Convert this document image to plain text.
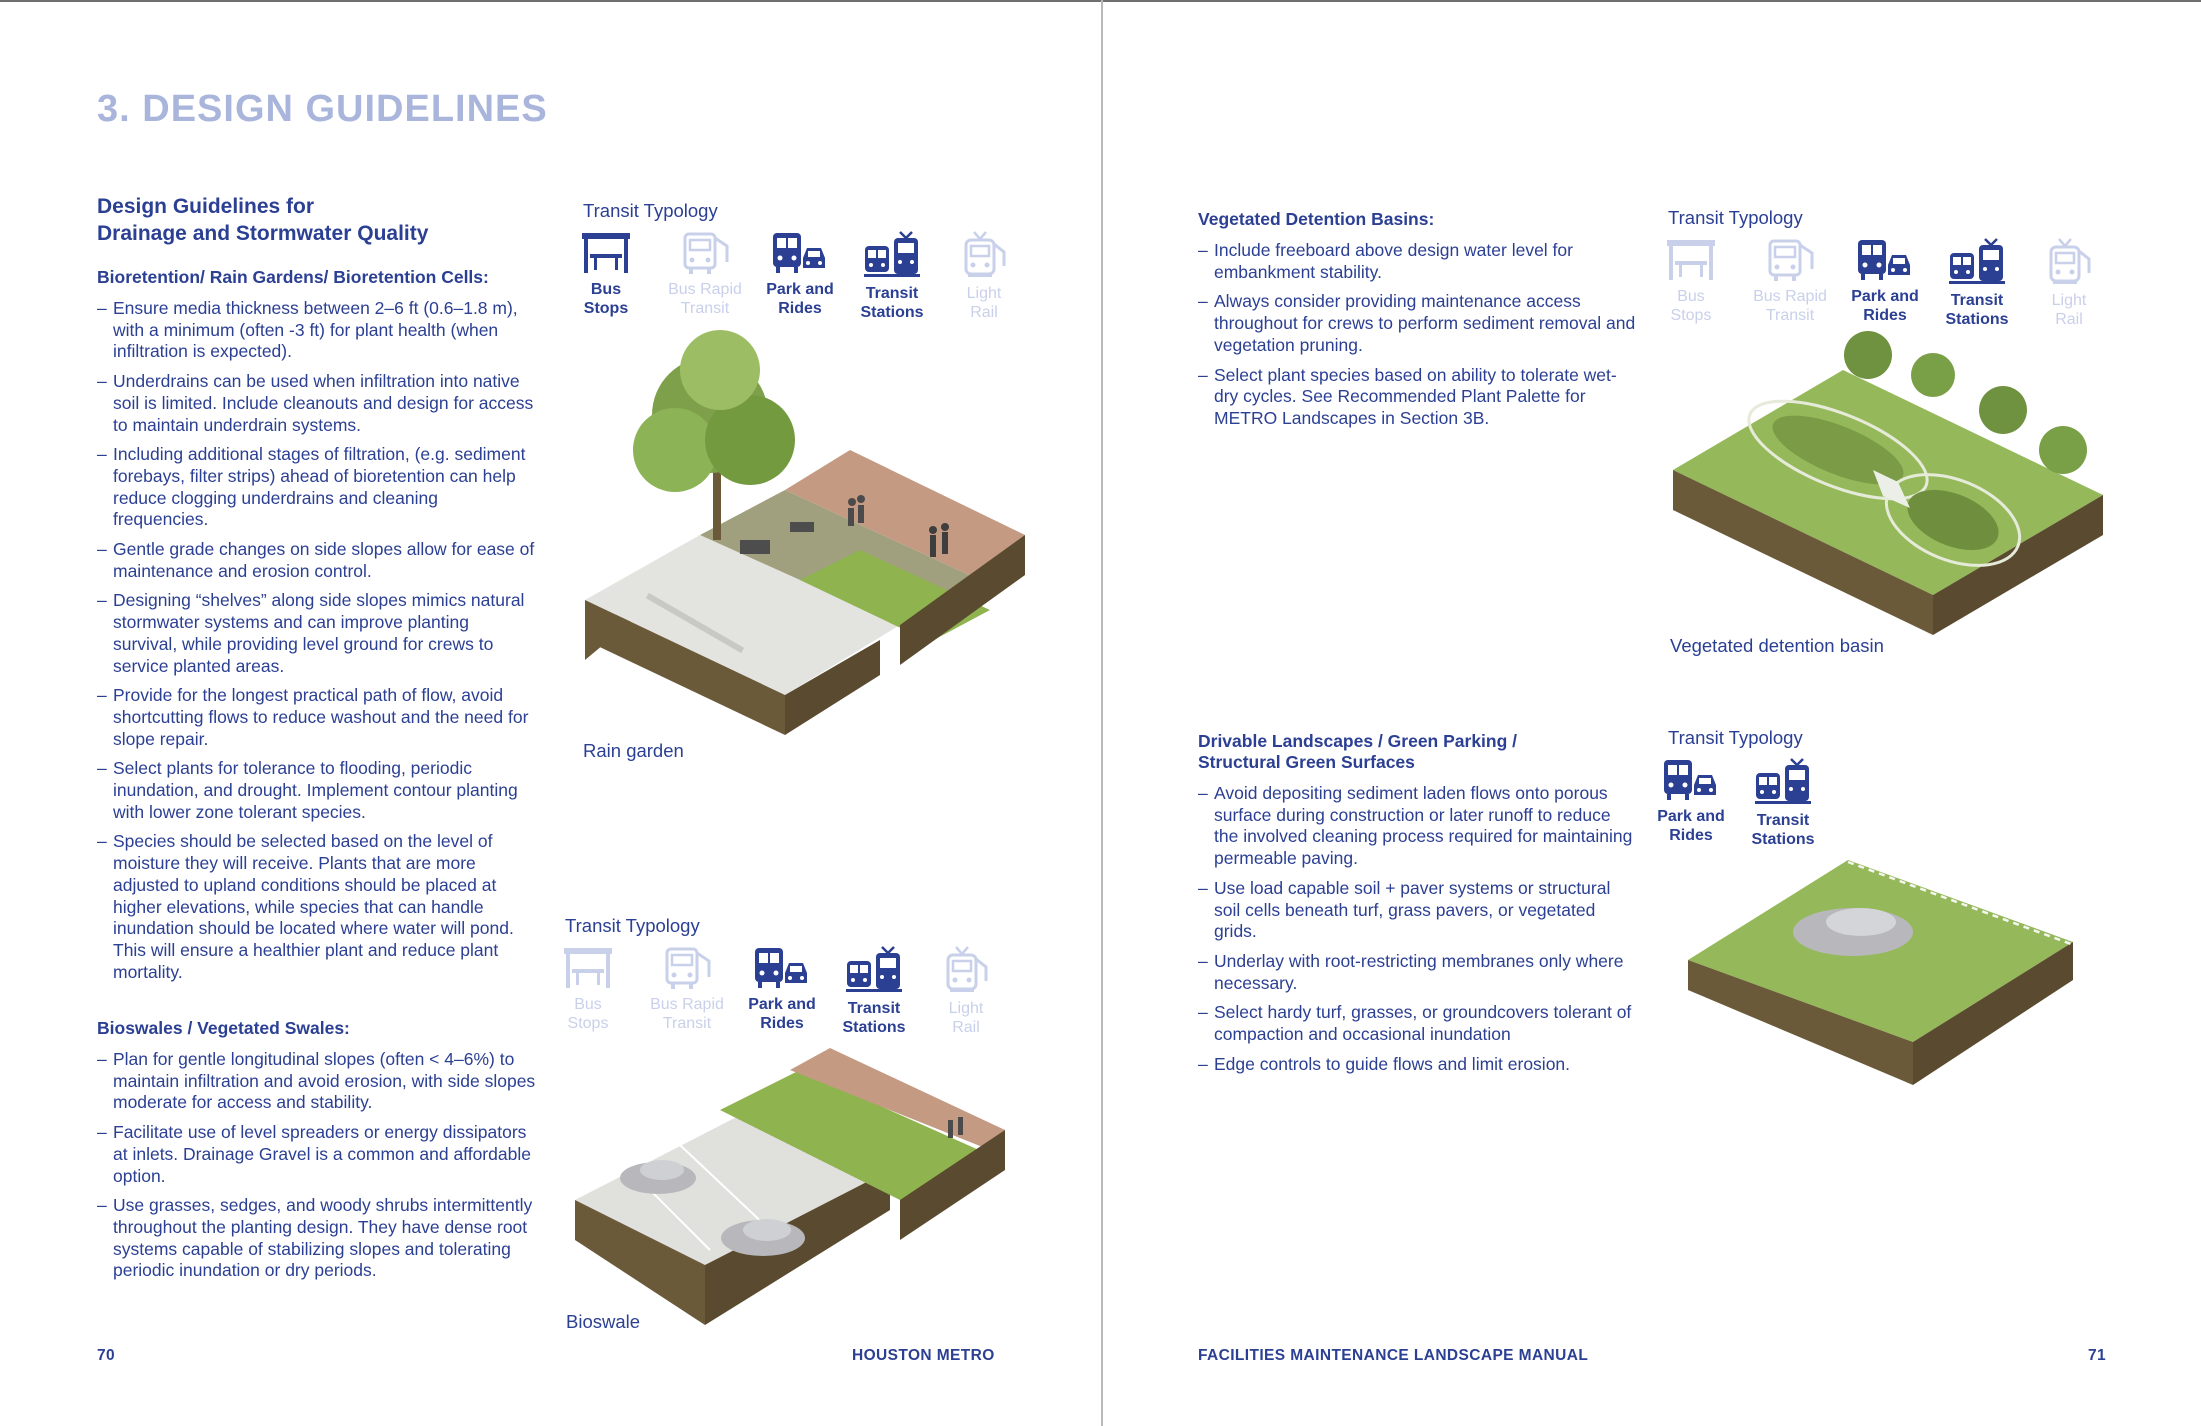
3. DESIGN GUIDELINES
Design Guidelines for
Drainage and Stormwater Quality
Bioretention/ Rain Gardens/ Bioretention Cells:
– Ensure media thickness between 2–6 ft (0.6–1.8 m), with a minimum (often -3 ft) for plant health (when infiltration is expected).
– Underdrains can be used when infiltration into native soil is limited. Include cleanouts and design for access to maintain underdrain systems.
– Including additional stages of filtration, (e.g. sediment forebays, filter strips) ahead of bioretention can help reduce clogging underdrains and cleaning frequencies.
– Gentle grade changes on side slopes allow for ease of maintenance and erosion control.
– Designing “shelves” along side slopes mimics natural stormwater systems and can improve planting survival, while providing level ground for crews to service planted areas.
– Provide for the longest practical path of flow, avoid shortcutting flows to reduce washout and the need for slope repair.
– Select plants for tolerance to flooding, periodic inundation, and drought. Implement contour planting with lower zone tolerant species.
– Species should be selected based on the level of moisture they will receive. Plants that are more adjusted to upland conditions should be placed at higher elevations, while species that can handle inundation should be located where water will pond. This will ensure a healthier plant and reduce plant mortality.
Bioswales / Vegetated Swales:
– Plan for gentle longitudinal slopes (often < 4–6%) to maintain infiltration and avoid erosion, with side slopes moderate for access and stability.
– Facilitate use of level spreaders or energy dissipators at inlets. Drainage Gravel is a common and affordable option.
– Use grasses, sedges, and woody shrubs intermittently throughout the planting design. They have dense root systems capable of stabilizing slopes and tolerating periodic inundation or dry periods.
Transit Typology
Bus
Stops
Bus Rapid
Transit
Park and
Rides
Transit
Stations
Light
Rail
Rain garden
Transit Typology
Bus
Stops
Bus Rapid
Transit
Park and
Rides
Transit
Stations
Light
Rail
Bioswale
70	HOUSTON METRO
Vegetated Detention Basins:
– Include freeboard above design water level for embankment stability.
– Always consider providing maintenance access throughout for crews to perform sediment removal and vegetation pruning.
– Select plant species based on ability to tolerate wet-dry cycles. See Recommended Plant Palette for METRO Landscapes in Section 3B.
Transit Typology
Bus
Stops
Bus Rapid
Transit
Park and
Rides
Transit
Stations
Light
Rail
Vegetated detention basin
Drivable Landscapes / Green Parking /
Structural Green Surfaces
– Avoid depositing sediment laden flows onto porous surface during construction or later runoff to reduce the involved cleaning process required for maintaining permeable paving.
– Use load capable soil + paver systems or structural soil cells beneath turf, grass pavers, or vegetated grids.
– Underlay with root-restricting membranes only where necessary.
– Select hardy turf, grasses, or groundcovers tolerant of compaction and occasional inundation
– Edge controls to guide flows and limit erosion.
Transit Typology
Park and
Rides
Transit
Stations
FACILITIES MAINTENANCE LANDSCAPE MANUAL	71
